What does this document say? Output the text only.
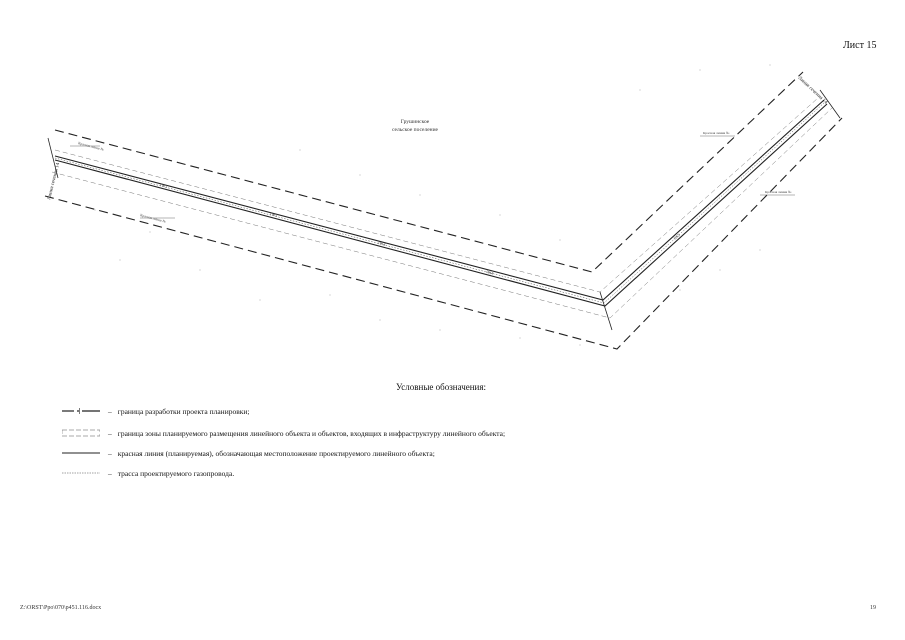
Лист 15
ПК1
ПК2
ПК3
ПК4
ПК5
Грушинское
сельское поселение
Линия сечения 14
Линия сечения 14
Красная линия №
Красная линия №
Красная линия №
Красная линия №
Условные обозначения:
– граница разработки проекта планировки;
– граница зоны планируемого размещения линейного объекта и объектов, входящих в инфраструктуру линейного объекта;
– красная линия (планируемая), обозначающая местоположение проектируемого линейного объекта;
– трасса проектируемого газопровода.
Z:\ORST\Ppo\070\p451.116.docx	19
